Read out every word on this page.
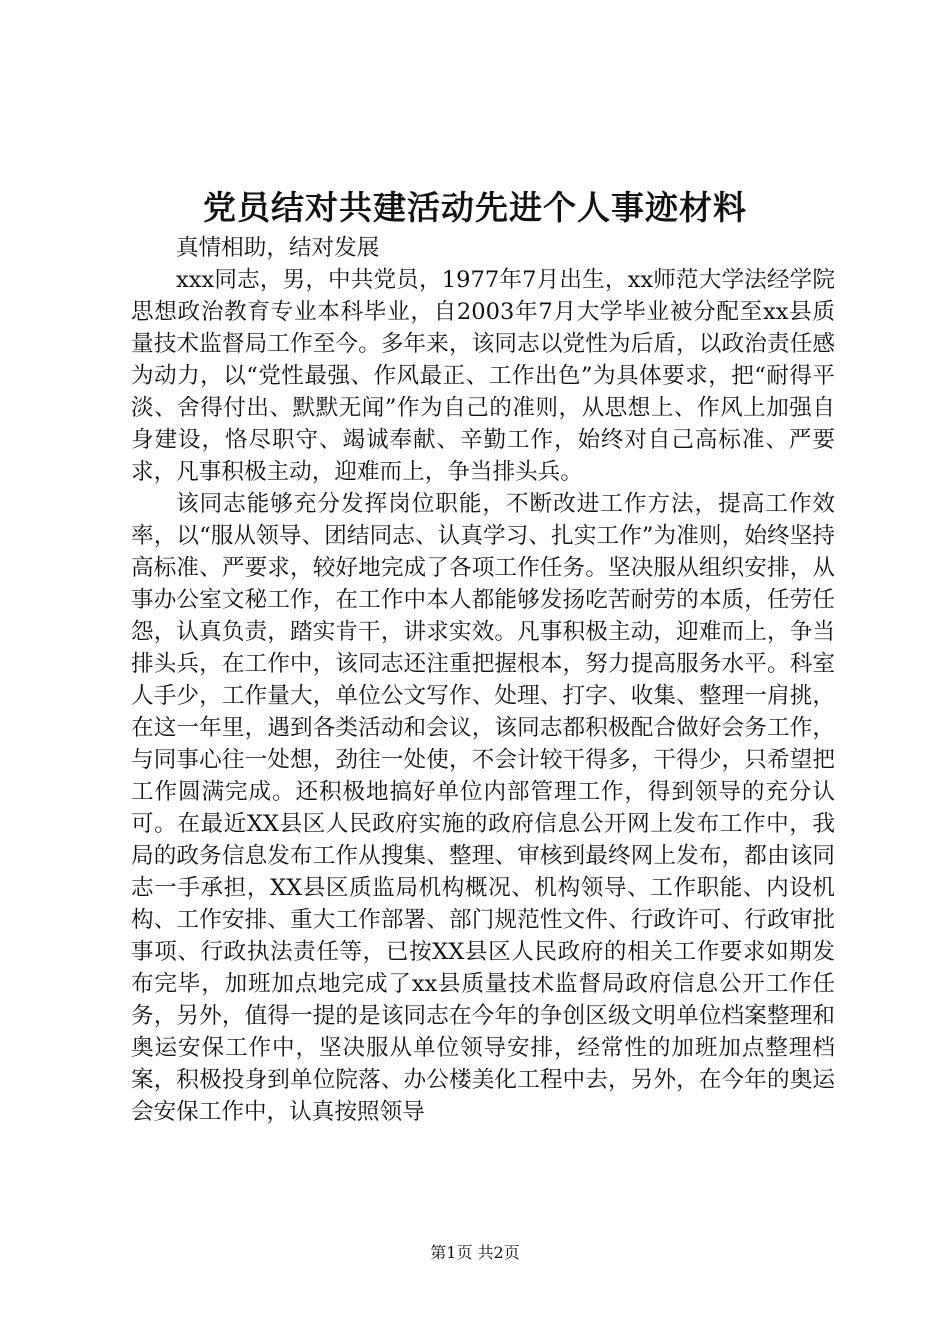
党员结对共建活动先进个人事迹材料

真情相助，结对发展

xxx同志，男，中共党员，1977年7月出生，xx师范大学法经学院思想政治教育专业本科毕业，自2003年7月大学毕业被分配至xx县质量技术监督局工作至今。多年来，该同志以党性为后盾，以政治责任感为动力，以“党性最强、作风最正、工作出色”为具体要求，把“耐得平淡、舍得付出、默默无闻”作为自己的准则，从思想上、作风上加强自身建设，恪尽职守、竭诚奉献、辛勤工作，始终对自己高标准、严要求，凡事积极主动，迎难而上，争当排头兵。

该同志能够充分发挥岗位职能，不断改进工作方法，提高工作效率，以“服从领导、团结同志、认真学习、扎实工作”为准则，始终坚持高标准、严要求，较好地完成了各项工作任务。坚决服从组织安排，从事办公室文秘工作，在工作中本人都能够发扬吃苦耐劳的本质，任劳任怨，认真负责，踏实肯干，讲求实效。凡事积极主动，迎难而上，争当排头兵，在工作中，该同志还注重把握根本，努力提高服务水平。科室人手少，工作量大，单位公文写作、处理、打字、收集、整理一肩挑，在这一年里，遇到各类活动和会议，该同志都积极配合做好会务工作，与同事心往一处想，劲往一处使，不会计较干得多，干得少，只希望把工作圆满完成。还积极地搞好单位内部管理工作，得到领导的充分认可。在最近XX县区人民政府实施的政府信息公开网上发布工作中，我局的政务信息发布工作从搜集、整理、审核到最终网上发布，都由该同志一手承担，XX县区质监局机构概况、机构领导、工作职能、内设机构、工作安排、重大工作部署、部门规范性文件、行政许可、行政审批事项、行政执法责任等，已按XX县区人民政府的相关工作要求如期发布完毕，加班加点地完成了xx县质量技术监督局政府信息公开工作任务，另外，值得一提的是该同志在今年的争创区级文明单位档案整理和奥运安保工作中，坚决服从单位领导安排，经常性的加班加点整理档案，积极投身到单位院落、办公楼美化工程中去，另外，在今年的奥运会安保工作中，认真按照领导

第1页 共2页
